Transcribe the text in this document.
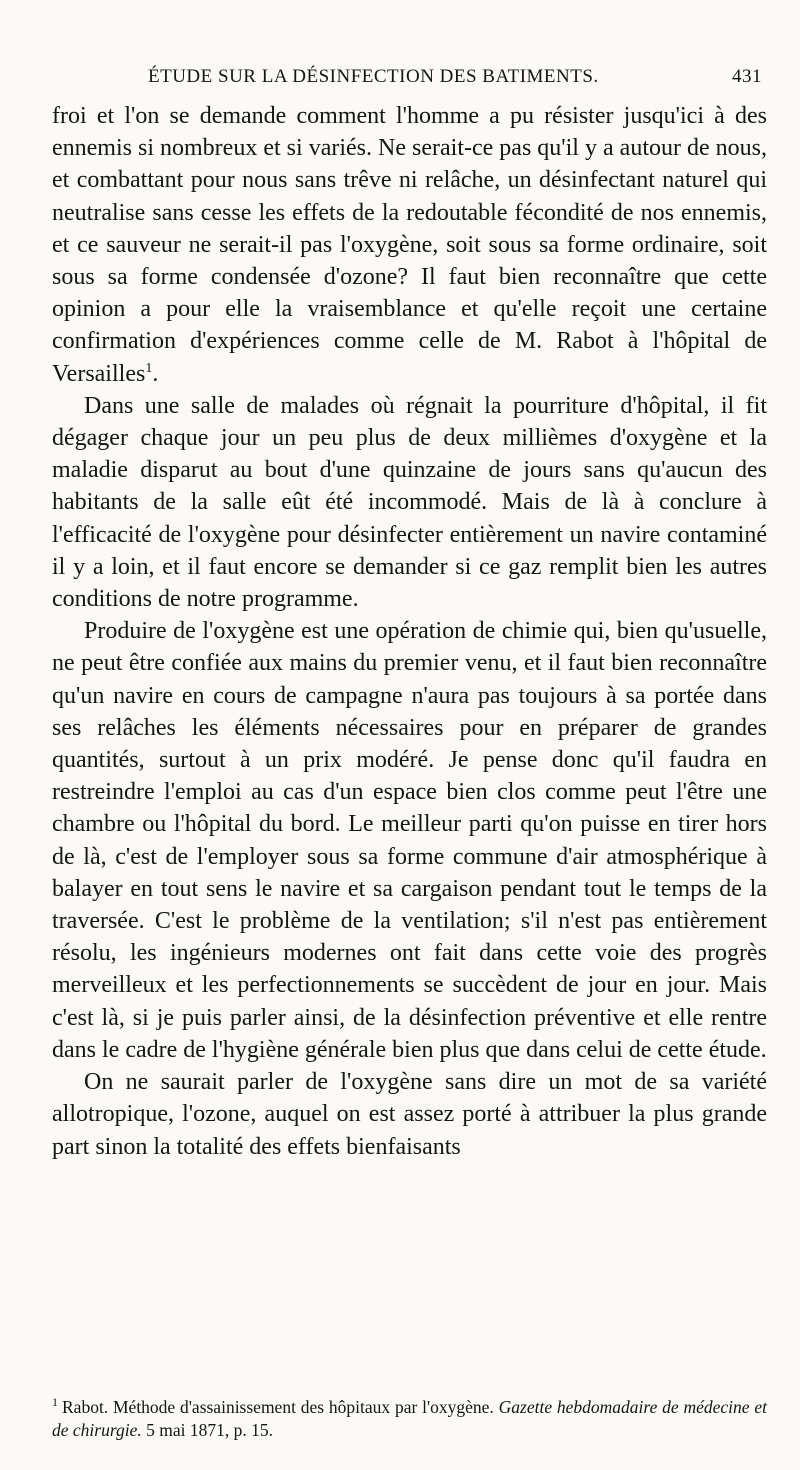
ÉTUDE SUR LA DÉSINFECTION DES BATIMENTS.	431

froi et l'on se demande comment l'homme a pu résister jusqu'ici à des ennemis si nombreux et si variés. Ne serait-ce pas qu'il y a autour de nous, et combattant pour nous sans trêve ni relâche, un désinfectant naturel qui neutralise sans cesse les effets de la redoutable fécondité de nos ennemis, et ce sauveur ne serait-il pas l'oxygène, soit sous sa forme ordinaire, soit sous sa forme condensée d'ozone? Il faut bien reconnaître que cette opinion a pour elle la vraisemblance et qu'elle reçoit une certaine confirmation d'expériences comme celle de M. Rabot à l'hôpital de Versailles$^1$.

Dans une salle de malades où régnait la pourriture d'hôpital, il fit dégager chaque jour un peu plus de deux millièmes d'oxygène et la maladie disparut au bout d'une quinzaine de jours sans qu'aucun des habitants de la salle eût été incommodé. Mais de là à conclure à l'efficacité de l'oxygène pour désinfecter entièrement un navire contaminé il y a loin, et il faut encore se demander si ce gaz remplit bien les autres conditions de notre programme.

Produire de l'oxygène est une opération de chimie qui, bien qu'usuelle, ne peut être confiée aux mains du premier venu, et il faut bien reconnaître qu'un navire en cours de campagne n'aura pas toujours à sa portée dans ses relâches les éléments nécessaires pour en préparer de grandes quantités, surtout à un prix modéré. Je pense donc qu'il faudra en restreindre l'emploi au cas d'un espace bien clos comme peut l'être une chambre ou l'hôpital du bord. Le meilleur parti qu'on puisse en tirer hors de là, c'est de l'employer sous sa forme commune d'air atmosphérique à balayer en tout sens le navire et sa cargaison pendant tout le temps de la traversée. C'est le problème de la ventilation; s'il n'est pas entièrement résolu, les ingénieurs modernes ont fait dans cette voie des progrès merveilleux et les perfectionnements se succèdent de jour en jour. Mais c'est là, si je puis parler ainsi, de la désinfection préventive et elle rentre dans le cadre de l'hygiène générale bien plus que dans celui de cette étude.

On ne saurait parler de l'oxygène sans dire un mot de sa variété allotropique, l'ozone, auquel on est assez porté à attribuer la plus grande part sinon la totalité des effets bienfaisants

$^1$ Rabot. Méthode d'assainissement des hôpitaux par l'oxygène. Gazette hebdomadaire de médecine et de chirurgie. 5 mai 1871, p. 15.
